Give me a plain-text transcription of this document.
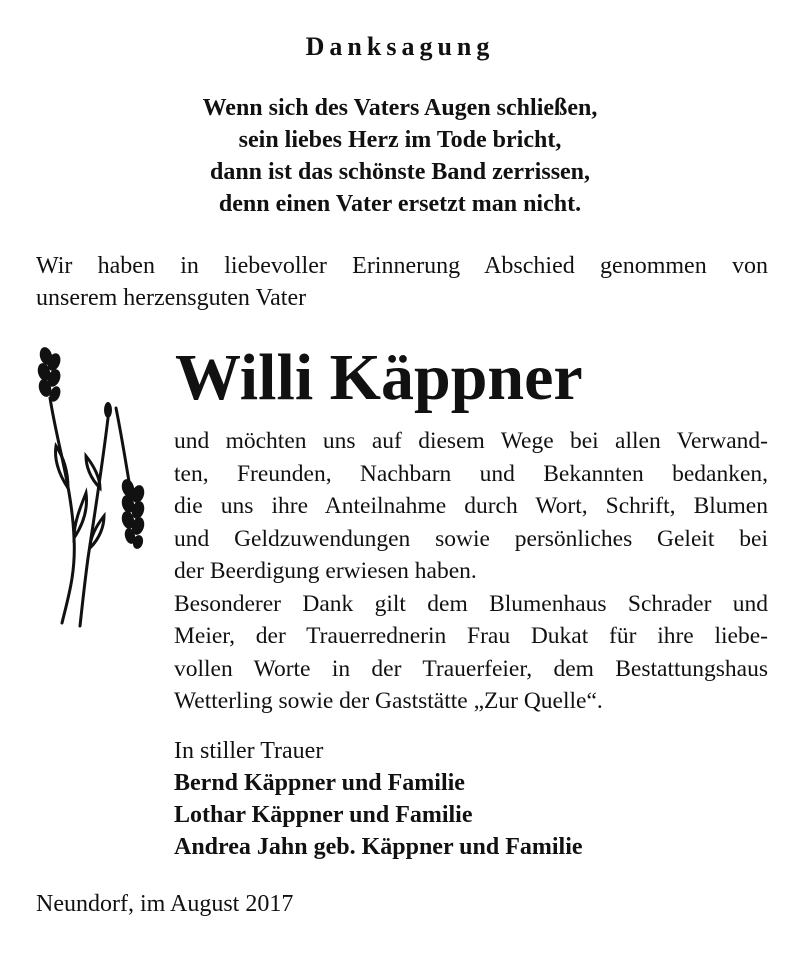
Danksagung
Wenn sich des Vaters Augen schließen,
sein liebes Herz im Tode bricht,
dann ist das schönste Band zerrissen,
denn einen Vater ersetzt man nicht.
Wir haben in liebevoller Erinnerung Abschied genommen von
unserem herzensguten Vater
Willi Käppner
und möchten uns auf diesem Wege bei allen Verwand-
ten, Freunden, Nachbarn und Bekannten bedanken,
die uns ihre Anteilnahme durch Wort, Schrift, Blumen
und Geldzuwendungen sowie persönliches Geleit bei
der Beerdigung erwiesen haben.
Besonderer Dank gilt dem Blumenhaus Schrader und
Meier, der Trauerrednerin Frau Dukat für ihre liebe-
vollen Worte in der Trauerfeier, dem Bestattungshaus
Wetterling sowie der Gaststätte „Zur Quelle“.
In stiller Trauer
Bernd Käppner und Familie
Lothar Käppner und Familie
Andrea Jahn geb. Käppner und Familie
Neundorf, im August 2017
